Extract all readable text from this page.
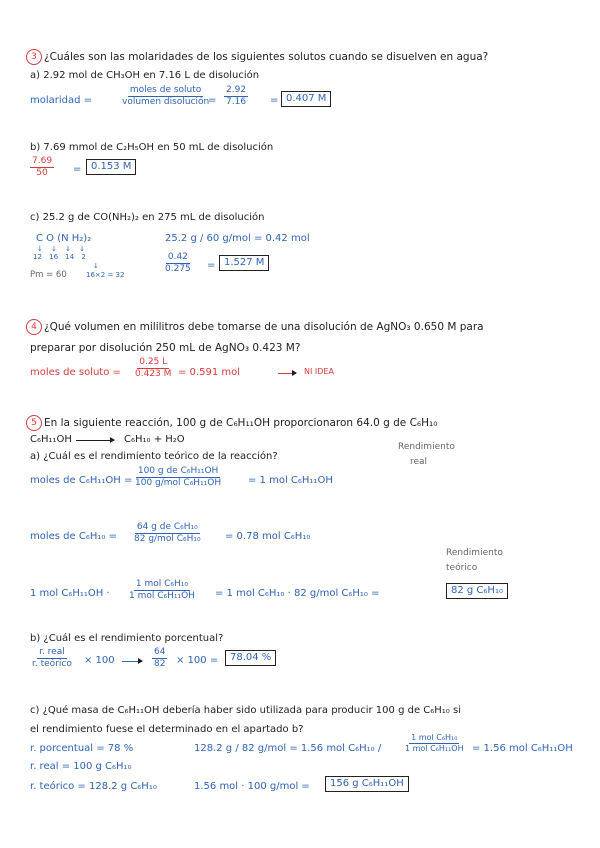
3 ¿Cuáles son las molaridades de los siguientes solutos cuando se disuelven en agua?
a) 2.92 mol de CH₃OH en 7.16 L de disolución
molaridad =
moles de soluto
volumen disolución
= $\frac{2.92}{7.16} = 0.407$ M
b) 7.69 mmol de C₂H₅OH en 50 mL de disolución
$\frac{7.69}{50} = 0.153$ M
c) 25.2 g de CO(NH₂)₂ en 275 mL de disolución
C O (N H₂)₂
↓ ↓ ↓ ↓
12 16 14 2
↓
16×2 = 32
Pm = 60
25.2 g / 60 g/mol = 0.42 mol
$\frac{0.42}{0.275} = 1.527$ M
4 ¿Qué volumen en mililitros debe tomarse de una disolución de AgNO₃ 0.650 M para
preparar por disolución 250 mL de AgNO₃ 0.423 M?
moles de soluto = $\frac{0.25 L}{0.423 M} = 0.591$ mol	NI IDEA
5 En la siguiente reacción, 100 g de C₆H₁₁OH proporcionaron 64.0 g de C₆H₁₀
C₆H₁₁OH	C₆H₁₀ + H₂O
Rendimiento
real
a) ¿Cuál es el rendimiento teórico de la reacción?
moles de C₆H₁₁OH =
100 g de C₆H₁₁OH
100 g/mol C₆H₁₁OH	= 1 mol C₆H₁₁OH
moles de C₆H₁₀ =
64 g de C₆H₁₀
82 g/mol C₆H₁₀ = 0.78 mol C₆H₁₀
Rendimiento
teórico
1 mol C₆H₁₁OH ·
1 mol C₆H₁₀
1 mol C₆H₁₁OH = 1 mol C₆H₁₀ · 82 g/mol C₆H₁₀ =	82 g C₆H₁₀
b) ¿Cuál es el rendimiento porcentual?
r. real
r. teórico × 100	$\frac{64}{82} \times 100$ =	78.04 %
c) ¿Qué masa de C₆H₁₁OH debería haber sido utilizada para producir 100 g de C₆H₁₀ si
el rendimiento fuese el determinado en el apartado b?
r. porcentual = 78 %
r. real = 100 g C₆H₁₀
r. teórico = 128.2 g C₆H₁₀
128.2 g / 82 g/mol = 1.56 mol C₆H₁₀ /
1 mol C₆H₁₀
1 mol C₆H₁₁OH = 1.56 mol C₆H₁₁OH
1.56 mol · 100 g/mol =	156 g C₆H₁₁OH
